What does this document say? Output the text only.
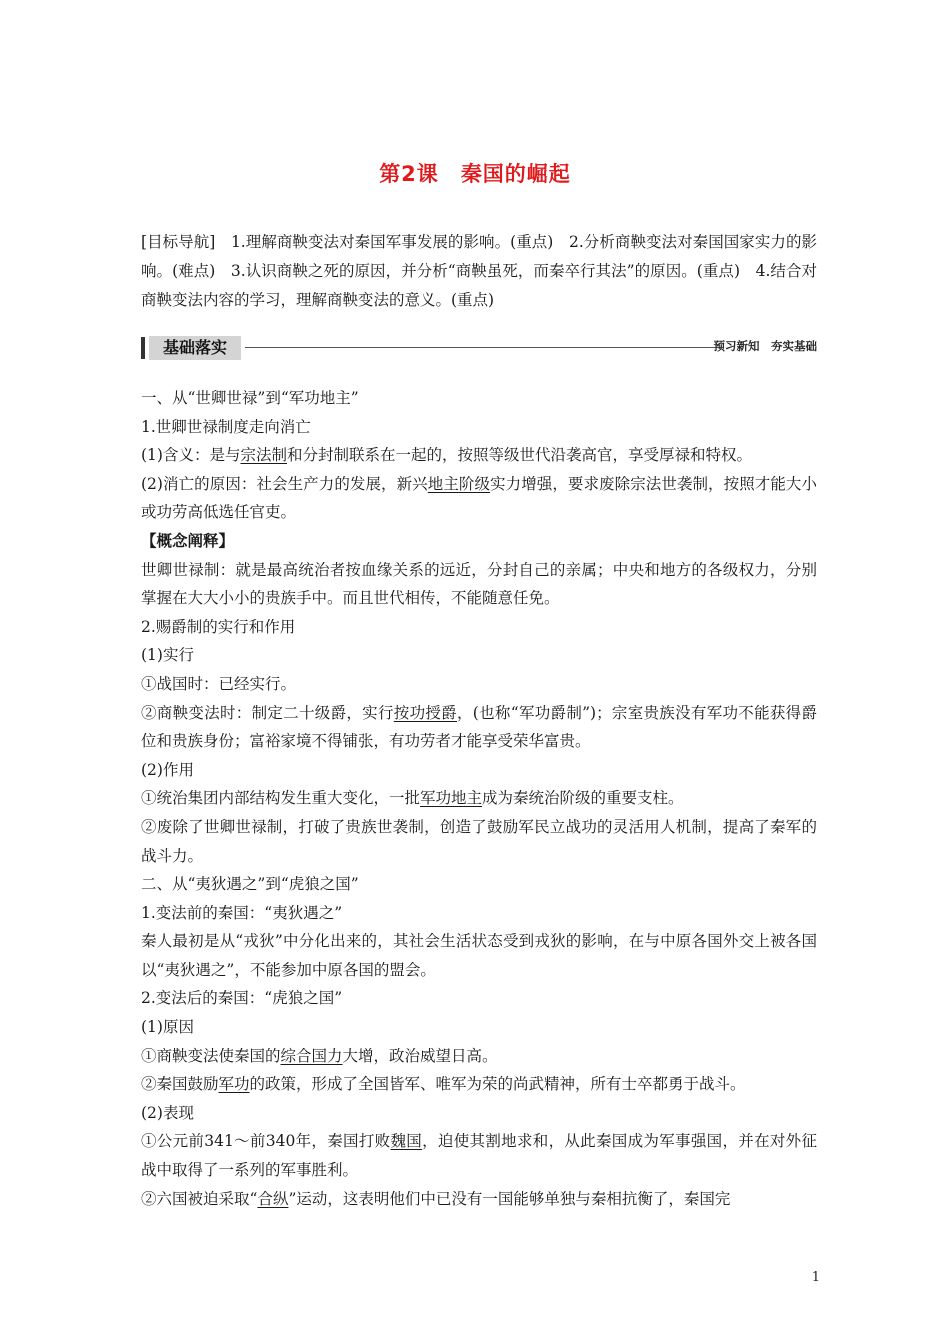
第2课 秦国的崛起
[目标导航]　1.理解商鞅变法对秦国军事发展的影响。(重点)　2.分析商鞅变法对秦国国家实力的影响。(难点)　3.认识商鞅之死的原因，并分析“商鞅虽死，而秦卒行其法”的原因。(重点)　4.结合对商鞅变法内容的学习，理解商鞅变法的意义。(重点)
基础落实	预习新知　夯实基础

一、从“世卿世禄”到“军功地主”

1.世卿世禄制度走向消亡

(1)含义：是与宗法制和分封制联系在一起的，按照等级世代沿袭高官，享受厚禄和特权。

(2)消亡的原因：社会生产力的发展，新兴地主阶级实力增强，要求废除宗法世袭制，按照才能大小或功劳高低选任官吏。

【概念阐释】

世卿世禄制：就是最高统治者按血缘关系的远近，分封自己的亲属；中央和地方的各级权力，分别掌握在大大小小的贵族手中。而且世代相传，不能随意任免。

2.赐爵制的实行和作用

(1)实行

①战国时：已经实行。

②商鞅变法时：制定二十级爵，实行按功授爵，(也称“军功爵制”)；宗室贵族没有军功不能获得爵位和贵族身份；富裕家境不得铺张，有功劳者才能享受荣华富贵。

(2)作用

①统治集团内部结构发生重大变化，一批军功地主成为秦统治阶级的重要支柱。

②废除了世卿世禄制，打破了贵族世袭制，创造了鼓励军民立战功的灵活用人机制，提高了秦军的战斗力。

二、从“夷狄遇之”到“虎狼之国”

1.变法前的秦国：“夷狄遇之”

秦人最初是从“戎狄”中分化出来的，其社会生活状态受到戎狄的影响，在与中原各国外交上被各国以“夷狄遇之”，不能参加中原各国的盟会。

2.变法后的秦国：“虎狼之国”

(1)原因

①商鞅变法使秦国的综合国力大增，政治威望日高。

②秦国鼓励军功的政策，形成了全国皆军、唯军为荣的尚武精神，所有士卒都勇于战斗。

(2)表现

①公元前341～前340年，秦国打败魏国，迫使其割地求和，从此秦国成为军事强国，并在对外征战中取得了一系列的军事胜利。

②六国被迫采取“合纵”运动，这表明他们中已没有一国能够单独与秦相抗衡了，秦国完

1
